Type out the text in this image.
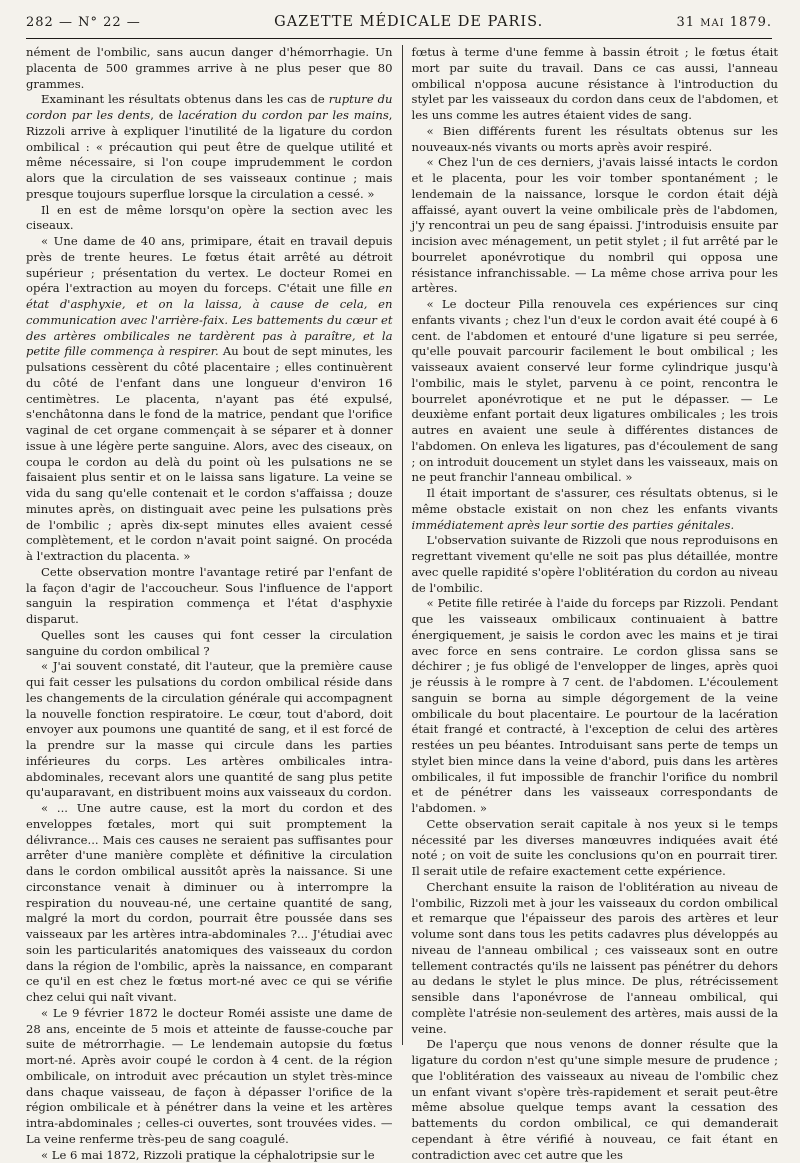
282 — N° 22 —	GAZETTE MÉDICALE DE PARIS.	31 MAI 1879.

nément de l'ombilic, sans aucun danger d'hémorrhagie. Un placenta de 500 grammes arrive à ne plus peser que 80 grammes.

Examinant les résultats obtenus dans les cas de rupture du cordon par les dents, de lacération du cordon par les mains, Rizzoli arrive à expliquer l'inutilité de la ligature du cordon ombilical : « précaution qui peut être de quelque utilité et même nécessaire, si l'on coupe imprudemment le cordon alors que la circulation de ses vaisseaux continue ; mais presque toujours superflue lorsque la circulation a cessé. »

Il en est de même lorsqu'on opère la section avec les ciseaux.

« Une dame de 40 ans, primipare, était en travail depuis près de trente heures. Le fœtus était arrêté au détroit supérieur ; présentation du vertex. Le docteur Romei en opéra l'extraction au moyen du forceps. C'était une fille en état d'asphyxie, et on la laissa, à cause de cela, en communication avec l'arrière-faix. Les battements du cœur et des artères ombilicales ne tardèrent pas à paraître, et la petite fille commença à respirer. Au bout de sept minutes, les pulsations cessèrent du côté placentaire ; elles continuèrent du côté de l'enfant dans une longueur d'environ 16 centimètres. Le placenta, n'ayant pas été expulsé, s'enchâtonna dans le fond de la matrice, pendant que l'orifice vaginal de cet organe commençait à se séparer et à donner issue à une légère perte sanguine. Alors, avec des ciseaux, on coupa le cordon au delà du point où les pulsations ne se faisaient plus sentir et on le laissa sans ligature. La veine se vida du sang qu'elle contenait et le cordon s'affaissa ; douze minutes après, on distinguait avec peine les pulsations près de l'ombilic ; après dix-sept minutes elles avaient cessé complètement, et le cordon n'avait point saigné. On procéda à l'extraction du placenta. »

Cette observation montre l'avantage retiré par l'enfant de la façon d'agir de l'accoucheur. Sous l'influence de l'apport sanguin la respiration commença et l'état d'asphyxie disparut.

Quelles sont les causes qui font cesser la circulation sanguine du cordon ombilical ?

« J'ai souvent constaté, dit l'auteur, que la première cause qui fait cesser les pulsations du cordon ombilical réside dans les changements de la circulation générale qui accompagnent la nouvelle fonction respiratoire. Le cœur, tout d'abord, doit envoyer aux poumons une quantité de sang, et il est forcé de la prendre sur la masse qui circule dans les parties inférieures du corps. Les artères ombilicales intra-abdominales, recevant alors une quantité de sang plus petite qu'auparavant, en distribuent moins aux vaisseaux du cordon.

« ... Une autre cause, est la mort du cordon et des enveloppes fœtales, mort qui suit promptement la délivrance... Mais ces causes ne seraient pas suffisantes pour arrêter d'une manière complète et définitive la circulation dans le cordon ombilical aussitôt après la naissance. Si une circonstance venait à diminuer ou à interrompre la respiration du nouveau-né, une certaine quantité de sang, malgré la mort du cordon, pourrait être poussée dans ses vaisseaux par les artères intra-abdominales ?... J'étudiai avec soin les particularités anatomiques des vaisseaux du cordon dans la région de l'ombilic, après la naissance, en comparant ce qu'il en est chez le fœtus mort-né avec ce qui se vérifie chez celui qui naît vivant.

« Le 9 février 1872 le docteur Roméi assiste une dame de 28 ans, enceinte de 5 mois et atteinte de fausse-couche par suite de métrorrhagie. — Le lendemain autopsie du fœtus mort-né. Après avoir coupé le cordon à 4 cent. de la région ombilicale, on introduit avec précaution un stylet très-mince dans chaque vaisseau, de façon à dépasser l'orifice de la région ombilicale et à pénétrer dans la veine et les artères intra-abdominales ; celles-ci ouvertes, sont trouvées vides. — La veine renferme très-peu de sang coagulé.

« Le 6 mai 1872, Rizzoli pratique la céphalotripsie sur le

fœtus à terme d'une femme à bassin étroit ; le fœtus était mort par suite du travail. Dans ce cas aussi, l'anneau ombilical n'opposa aucune résistance à l'introduction du stylet par les vaisseaux du cordon dans ceux de l'abdomen, et les uns comme les autres étaient vides de sang.

« Bien différents furent les résultats obtenus sur les nouveaux-nés vivants ou morts après avoir respiré.

« Chez l'un de ces derniers, j'avais laissé intacts le cordon et le placenta, pour les voir tomber spontanément ; le lendemain de la naissance, lorsque le cordon était déjà affaissé, ayant ouvert la veine ombilicale près de l'abdomen, j'y rencontrai un peu de sang épaissi. J'introduisis ensuite par incision avec ménagement, un petit stylet ; il fut arrêté par le bourrelet aponévrotique du nombril qui opposa une résistance infranchissable. — La même chose arriva pour les artères.

« Le docteur Pilla renouvela ces expériences sur cinq enfants vivants ; chez l'un d'eux le cordon avait été coupé à 6 cent. de l'abdomen et entouré d'une ligature si peu serrée, qu'elle pouvait parcourir facilement le bout ombilical ; les vaisseaux avaient conservé leur forme cylindrique jusqu'à l'ombilic, mais le stylet, parvenu à ce point, rencontra le bourrelet aponévrotique et ne put le dépasser. — Le deuxième enfant portait deux ligatures ombilicales ; les trois autres en avaient une seule à différentes distances de l'abdomen. On enleva les ligatures, pas d'écoulement de sang ; on introduit doucement un stylet dans les vaisseaux, mais on ne peut franchir l'anneau ombilical. »

Il était important de s'assurer, ces résultats obtenus, si le même obstacle existait on non chez les enfants vivants immédiatement après leur sortie des parties génitales.

L'observation suivante de Rizzoli que nous reproduisons en regrettant vivement qu'elle ne soit pas plus détaillée, montre avec quelle rapidité s'opère l'oblitération du cordon au niveau de l'ombilic.

« Petite fille retirée à l'aide du forceps par Rizzoli. Pendant que les vaisseaux ombilicaux continuaient à battre énergiquement, je saisis le cordon avec les mains et je tirai avec force en sens contraire. Le cordon glissa sans se déchirer ; je fus obligé de l'envelopper de linges, après quoi je réussis à le rompre à 7 cent. de l'abdomen. L'écoulement sanguin se borna au simple dégorgement de la veine ombilicale du bout placentaire. Le pourtour de la lacération était frangé et contracté, à l'exception de celui des artères restées un peu béantes. Introduisant sans perte de temps un stylet bien mince dans la veine d'abord, puis dans les artères ombilicales, il fut impossible de franchir l'orifice du nombril et de pénétrer dans les vaisseaux correspondants de l'abdomen. »

Cette observation serait capitale à nos yeux si le temps nécessité par les diverses manœuvres indiquées avait été noté ; on voit de suite les conclusions qu'on en pourrait tirer. Il serait utile de refaire exactement cette expérience.

Cherchant ensuite la raison de l'oblitération au niveau de l'ombilic, Rizzoli met à jour les vaisseaux du cordon ombilical et remarque que l'épaisseur des parois des artères et leur volume sont dans tous les petits cadavres plus développés au niveau de l'anneau ombilical ; ces vaisseaux sont en outre tellement contractés qu'ils ne laissent pas pénétrer du dehors au dedans le stylet le plus mince. De plus, rétrécissement sensible dans l'aponévrose de l'anneau ombilical, qui complète l'atrésie non-seulement des artères, mais aussi de la veine.

De l'aperçu que nous venons de donner résulte que la ligature du cordon n'est qu'une simple mesure de prudence ; que l'oblitération des vaisseaux au niveau de l'ombilic chez un enfant vivant s'opère très-rapidement et serait peut-être même absolue quelque temps avant la cessation des battements du cordon ombilical, ce qui demanderait cependant à être vérifié à nouveau, ce fait étant en contradiction avec cet autre que les
